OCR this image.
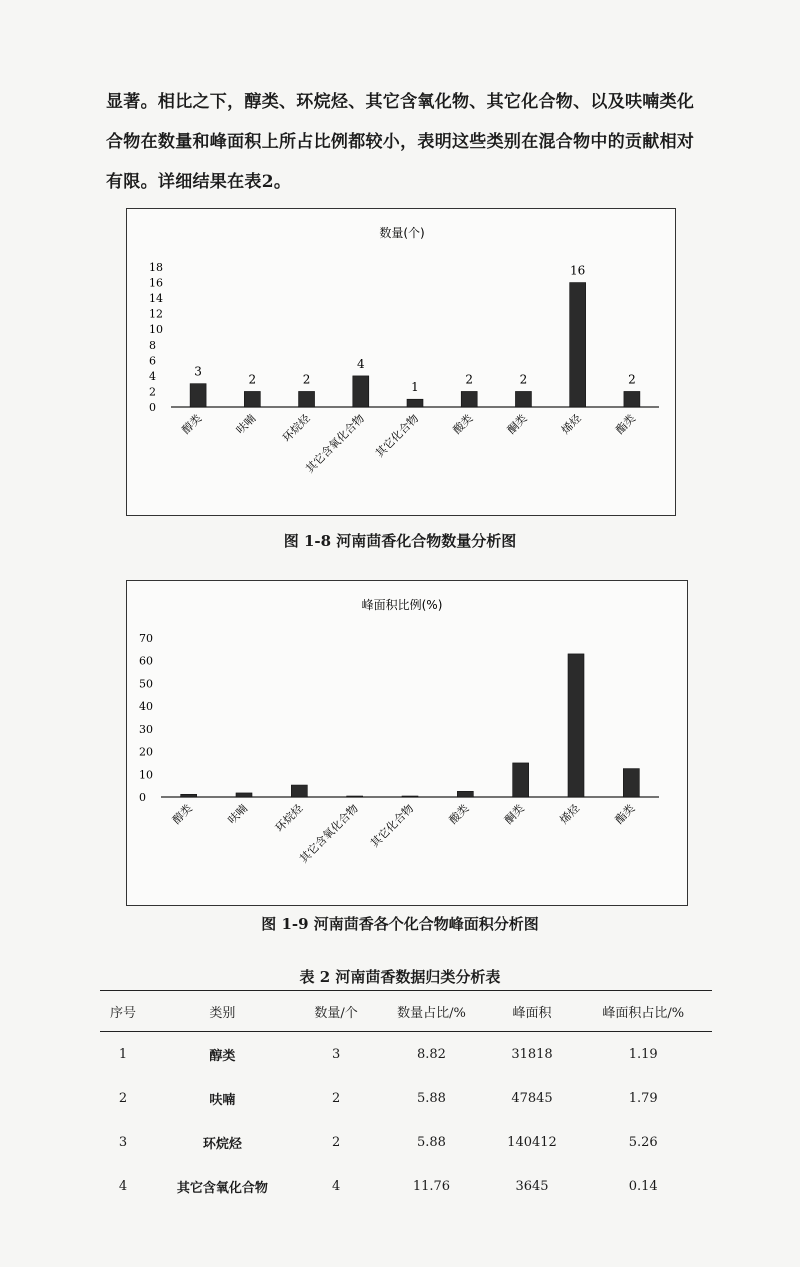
显著。相比之下，醇类、环烷烃、其它含氧化物、其它化合物、以及呋喃类化
合物在数量和峰面积上所占比例都较小，表明这些类别在混合物中的贡献相对
有限。详细结果在表2。
数量(个)
0
2
4
6
8
10
12
14
16
18
3
醇类
2
呋喃
2
环烷烃
4
其它含氧化合物
1
其它化合物
2
酸类
2
酮类
16
烯烃
2
酯类
图 1-8 河南茴香化合物数量分析图
峰面积比例(%)
0
10
20
30
40
50
60
70
醇类	呋喃 环烷烃
其它含氧化合物 其它化合物	酸类	酮类	烯烃	酯类
图 1-9 河南茴香各个化合物峰面积分析图
表 2 河南茴香数据归类分析表
序号	类别	数量/个	数量占比/%	峰面积	峰面积占比/%
1	醇类	3	8.82	31818	1.19
2	呋喃	2	5.88	47845	1.79
3	环烷烃	2	5.88	140412	5.26
4	其它含氧化合物	4	11.76	3645	0.14
